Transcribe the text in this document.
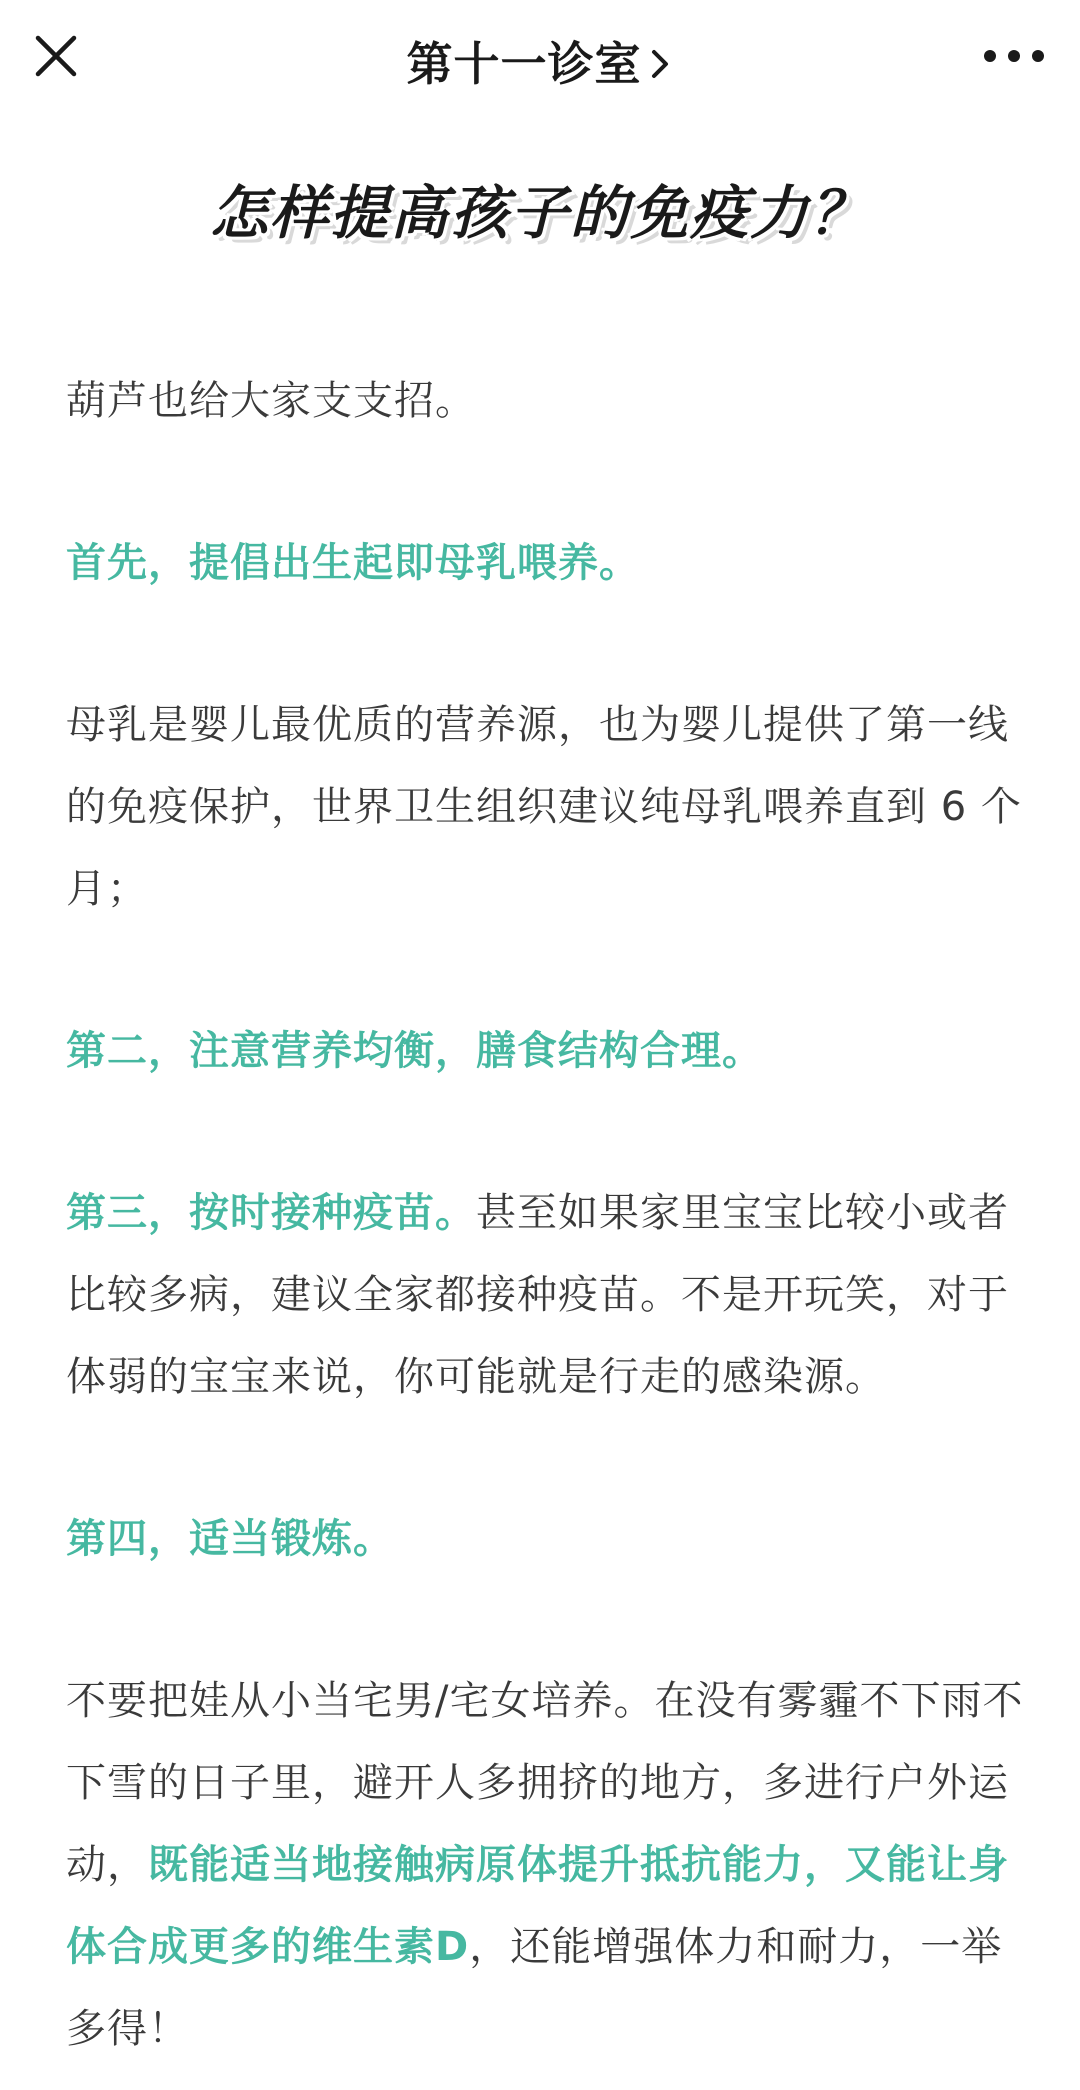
第十一诊室
怎样提高孩子的免疫力？

葫芦也给大家支支招。

首先，提倡出生起即母乳喂养。

母乳是婴儿最优质的营养源，也为婴儿提供了第一线的免疫保护，世界卫生组织建议纯母乳喂养直到 6 个月；

第二，注意营养均衡，膳食结构合理。

第三，按时接种疫苗。甚至如果家里宝宝比较小或者比较多病，建议全家都接种疫苗。不是开玩笑，对于体弱的宝宝来说，你可能就是行走的感染源。

第四，适当锻炼。

不要把娃从小当宅男/宅女培养。在没有雾霾不下雨不下雪的日子里，避开人多拥挤的地方，多进行户外运动，既能适当地接触病原体提升抵抗能力，又能让身体合成更多的维生素D，还能增强体力和耐力，一举多得！
